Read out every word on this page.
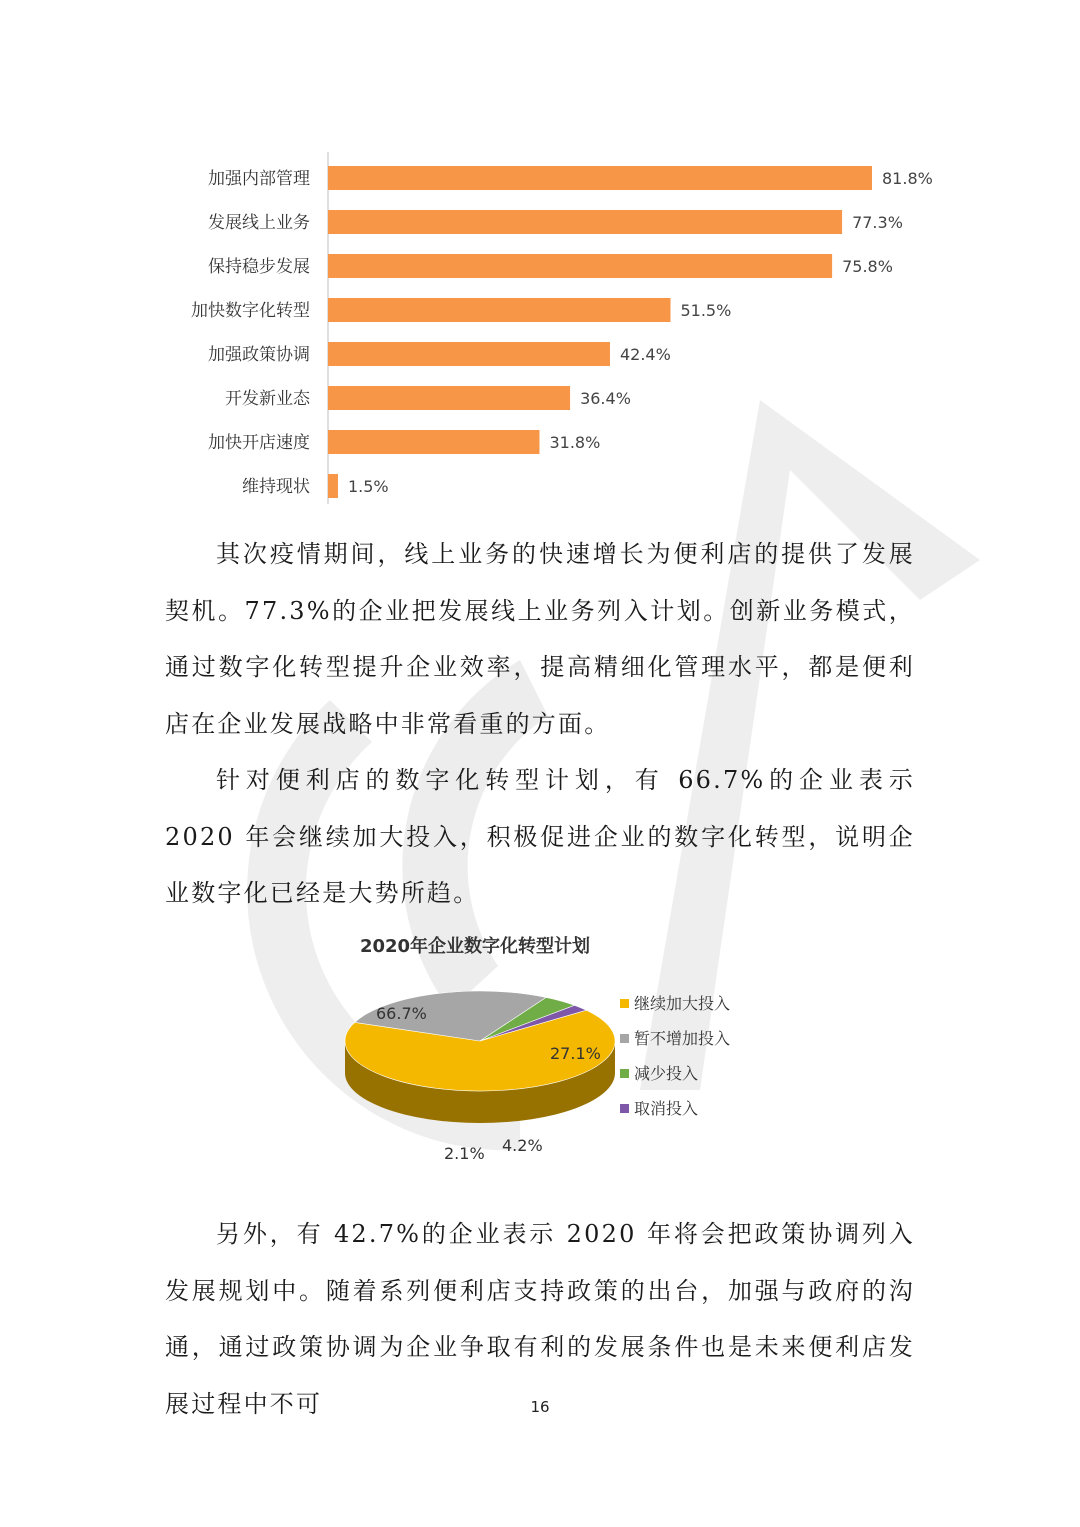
加强内部管理	81.8%
发展线上业务	77.3%
保持稳步发展	75.8%
加快数字化转型	51.5%
加强政策协调	42.4%
开发新业态	36.4%
加快开店速度	31.8%
维持现状 1.5%

其次疫情期间，线上业务的快速增长为便利店的提供了发展契机。77.3%的企业把发展线上业务列入计划。创新业务模式，通过数字化转型提升企业效率，提高精细化管理水平，都是便利店在企业发展战略中非常看重的方面。

针对便利店的数字化转型计划，有 66.7%的企业表示 2020 年会继续加大投入，积极促进企业的数字化转型，说明企业数字化已经是大势所趋。

2020年企业数字化转型计划
66.7%
27.1%
4.2%
2.1%
继续加大投入
暂不增加投入
减少投入
取消投入

另外，有 42.7%的企业表示 2020 年将会把政策协调列入发展规划中。随着系列便利店支持政策的出台，加强与政府的沟通，通过政策协调为企业争取有利的发展条件也是未来便利店发展过程中不可	16
